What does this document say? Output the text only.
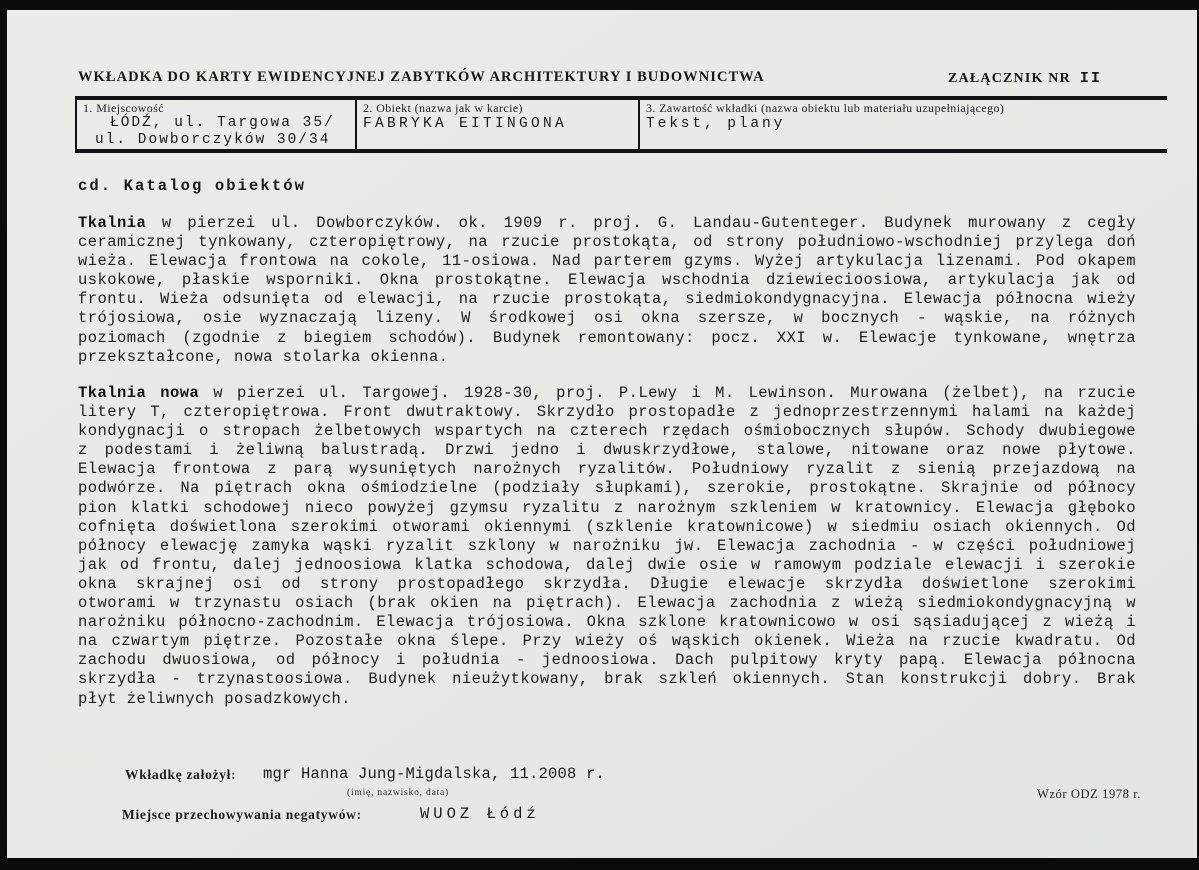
WKŁADKA DO KARTY EWIDENCYJNEJ ZABYTKÓW ARCHITEKTURY I BUDOWNICTWA	ZAŁĄCZNIK NR II
1. Miejscowość
ŁÓDŹ, ul. Targowa 35/
ul. Dowborczyków 30/34
2. Obiekt (nazwa jak w karcie)
FABRYKA EITINGONA
3. Zawartość wkładki (nazwa obiektu lub materiału uzupełniającego)
Tekst, plany
cd. Katalog obiektów
Tkalnia w pierzei ul. Dowborczyków. ok. 1909 r. proj. G. Landau-Gutenteger. Budynek murowany z cegły
ceramicznej tynkowany, czteropiętrowy, na rzucie prostokąta, od strony południowo-wschodniej przylega doń
wieża. Elewacja frontowa na cokole, 11-osiowa. Nad parterem gzyms. Wyżej artykulacja lizenami. Pod okapem
uskokowe, płaskie wsporniki. Okna prostokątne. Elewacja wschodnia dziewiecioosiowa, artykulacja jak od
frontu. Wieża odsunięta od elewacji, na rzucie prostokąta, siedmiokondygnacyjna. Elewacja północna wieży
trójosiowa, osie wyznaczają lizeny. W środkowej osi okna szersze, w bocznych - wąskie, na różnych
poziomach (zgodnie z biegiem schodów). Budynek remontowany: pocz. XXI w. Elewacje tynkowane, wnętrza
przekształcone, nowa stolarka okienna.
Tkalnia nowa w pierzei ul. Targowej. 1928-30, proj. P.Lewy i M. Lewinson. Murowana (żelbet), na rzucie
litery T, czteropiętrowa. Front dwutraktowy. Skrzydło prostopadłe z jednoprzestrzennymi halami na każdej
kondygnacji o stropach żelbetowych wspartych na czterech rzędach ośmiobocznych słupów. Schody dwubiegowe
z podestami i żeliwną balustradą. Drzwi jedno i dwuskrzydłowe, stalowe, nitowane oraz nowe płytowe.
Elewacja frontowa z parą wysuniętych narożnych ryzalitów. Południowy ryzalit z sienią przejazdową na
podwórze. Na piętrach okna ośmiodzielne (podziały słupkami), szerokie, prostokątne. Skrajnie od północy
pion klatki schodowej nieco powyżej gzymsu ryzalitu z narożnym szkleniem w kratownicy. Elewacja głęboko
cofnięta doświetlona szerokimi otworami okiennymi (szklenie kratownicowe) w siedmiu osiach okiennych. Od
północy elewację zamyka wąski ryzalit szklony w narożniku jw. Elewacja zachodnia - w części południowej
jak od frontu, dalej jednoosiowa klatka schodowa, dalej dwie osie w ramowym podziale elewacji i szerokie
okna skrajnej osi od strony prostopadłego skrzydła. Długie elewacje skrzydła doświetlone szerokimi
otworami w trzynastu osiach (brak okien na piętrach). Elewacja zachodnia z wieżą siedmiokondygnacyjną w
narożniku północno-zachodnim. Elewacja trójosiowa. Okna szklone kratownicowo w osi sąsiadującej z wieżą i
na czwartym piętrze. Pozostałe okna ślepe. Przy wieży oś wąskich okienek. Wieża na rzucie kwadratu. Od
zachodu dwuosiowa, od północy i południa - jednoosiowa. Dach pulpitowy kryty papą. Elewacja północna
skrzydła - trzynastoosiowa. Budynek nieużytkowany, brak szkleń okiennych. Stan konstrukcji dobry. Brak
płyt żeliwnych posadzkowych.
Wkładkę założył: mgr Hanna Jung-Migdalska, 11.2008 r.
(imię, nazwisko, data)
Miejsce przechowywania negatywów:	WUOZ Łódź
Wzór ODZ 1978 r.
